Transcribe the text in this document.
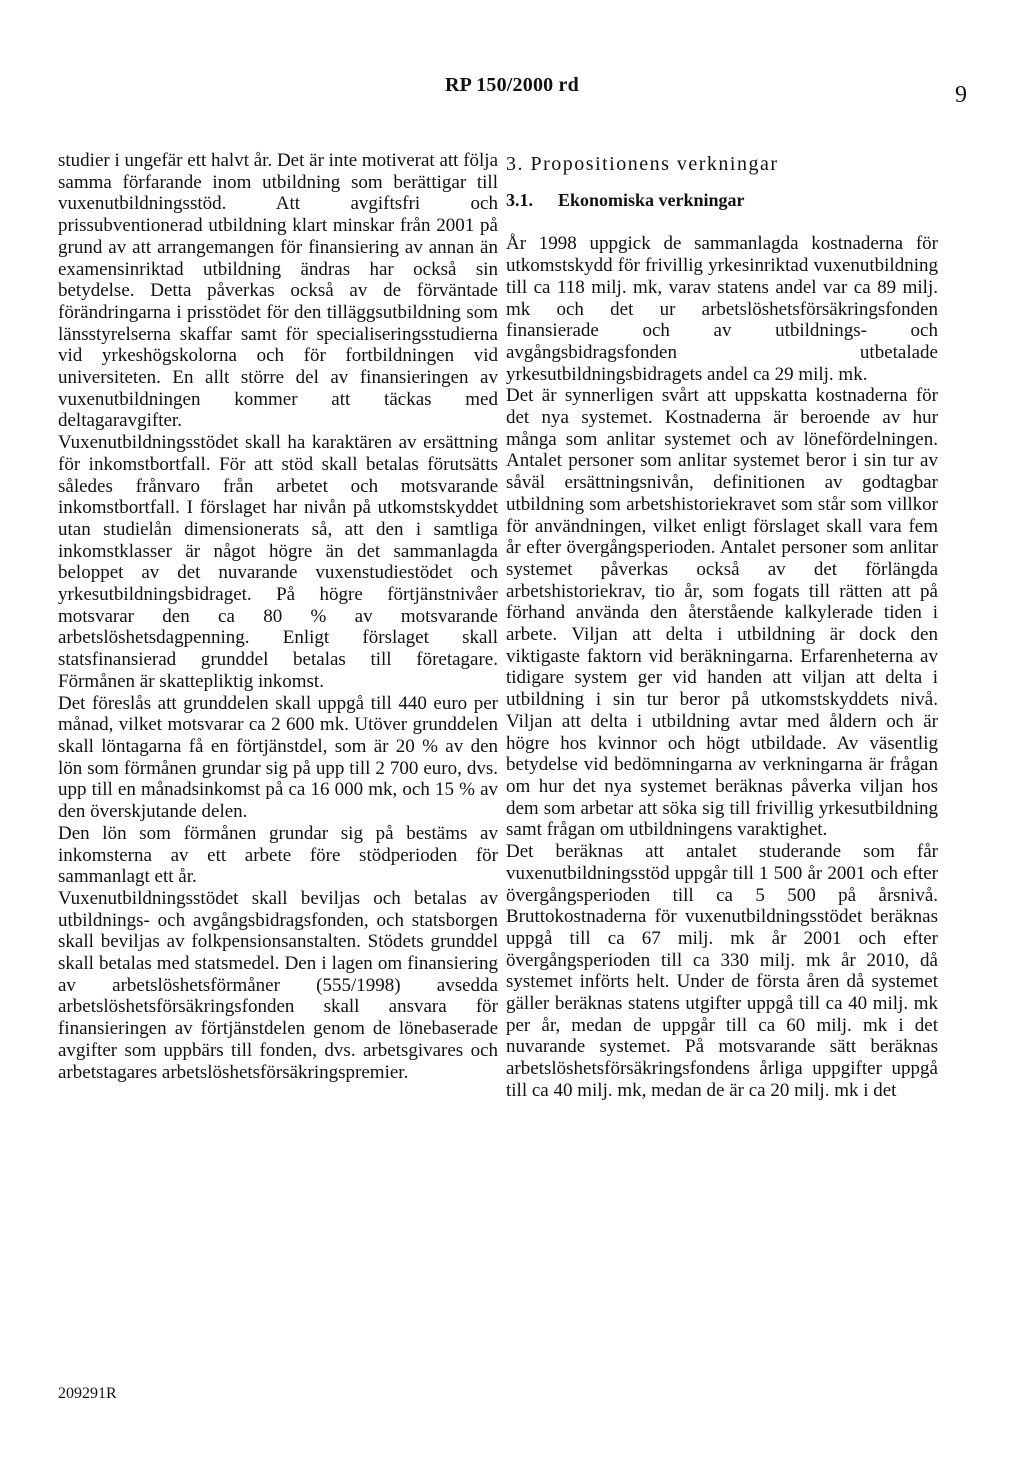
RP 150/2000 rd	9

studier i ungefär ett halvt år. Det är inte motiverat att följa samma förfarande inom utbildning som berättigar till vuxenutbildningsstöd. Att avgiftsfri och prissubventionerad utbildning klart minskar från 2001 på grund av att arrangemangen för finansiering av annan än examensinriktad utbildning ändras har också sin betydelse. Detta påverkas också av de förväntade förändringarna i prisstödet för den tilläggsutbildning som länsstyrelserna skaffar samt för specialiseringsstudierna vid yrkeshögskolorna och för fortbildningen vid universiteten. En allt större del av finansieringen av vuxenutbildningen kommer att täckas med deltagaravgifter.

Vuxenutbildningsstödet skall ha karaktären av ersättning för inkomstbortfall. För att stöd skall betalas förutsätts således frånvaro från arbetet och motsvarande inkomstbortfall. I förslaget har nivån på utkomstskyddet utan studielån dimensionerats så, att den i samtliga inkomstklasser är något högre än det sammanlagda beloppet av det nuvarande vuxenstudiestödet och yrkesutbildningsbidraget. På högre förtjänstnivåer motsvarar den ca 80 % av motsvarande arbetslöshetsdagpenning. Enligt förslaget skall statsfinansierad grunddel betalas till företagare. Förmånen är skattepliktig inkomst.

Det föreslås att grunddelen skall uppgå till 440 euro per månad, vilket motsvarar ca 2 600 mk. Utöver grunddelen skall löntagarna få en förtjänstdel, som är 20 % av den lön som förmånen grundar sig på upp till 2 700 euro, dvs. upp till en månadsinkomst på ca 16 000 mk, och 15 % av den överskjutande delen.

Den lön som förmånen grundar sig på bestäms av inkomsterna av ett arbete före stödperioden för sammanlagt ett år.

Vuxenutbildningsstödet skall beviljas och betalas av utbildnings- och avgångsbidragsfonden, och statsborgen skall beviljas av folkpensionsanstalten. Stödets grunddel skall betalas med statsmedel. Den i lagen om finansiering av arbetslöshetsförmåner (555/1998) avsedda arbetslöshetsförsäkringsfonden skall ansvara för finansieringen av förtjänstdelen genom de lönebaserade avgifter som uppbärs till fonden, dvs. arbetsgivares och arbetstagares arbetslöshetsförsäkringspremier.

3. Propositionens verkningar
3.1. Ekonomiska verkningar

År 1998 uppgick de sammanlagda kostnaderna för utkomstskydd för frivillig yrkesinriktad vuxenutbildning till ca 118 milj. mk, varav statens andel var ca 89 milj. mk och det ur arbetslöshetsförsäkringsfonden finansierade och av utbildnings- och avgångsbidragsfonden utbetalade yrkesutbildningsbidragets andel ca 29 milj. mk.

Det är synnerligen svårt att uppskatta kostnaderna för det nya systemet. Kostnaderna är beroende av hur många som anlitar systemet och av lönefördelningen. Antalet personer som anlitar systemet beror i sin tur av såväl ersättningsnivån, definitionen av godtagbar utbildning som arbetshistoriekravet som står som villkor för användningen, vilket enligt förslaget skall vara fem år efter övergångsperioden. Antalet personer som anlitar systemet påverkas också av det förlängda arbetshistoriekrav, tio år, som fogats till rätten att på förhand använda den återstående kalkylerade tiden i arbete. Viljan att delta i utbildning är dock den viktigaste faktorn vid beräkningarna. Erfarenheterna av tidigare system ger vid handen att viljan att delta i utbildning i sin tur beror på utkomstskyddets nivå. Viljan att delta i utbildning avtar med åldern och är högre hos kvinnor och högt utbildade. Av väsentlig betydelse vid bedömningarna av verkningarna är frågan om hur det nya systemet beräknas påverka viljan hos dem som arbetar att söka sig till frivillig yrkesutbildning samt frågan om utbildningens varaktighet.

Det beräknas att antalet studerande som får vuxenutbildningsstöd uppgår till 1 500 år 2001 och efter övergångsperioden till ca 5 500 på årsnivå. Bruttokostnaderna för vuxenutbildningsstödet beräknas uppgå till ca 67 milj. mk år 2001 och efter övergångsperioden till ca 330 milj. mk år 2010, då systemet införts helt. Under de första åren då systemet gäller beräknas statens utgifter uppgå till ca 40 milj. mk per år, medan de uppgår till ca 60 milj. mk i det nuvarande systemet. På motsvarande sätt beräknas arbetslöshetsförsäkringsfondens årliga uppgifter uppgå till ca 40 milj. mk, medan de är ca 20 milj. mk i det

209291R
